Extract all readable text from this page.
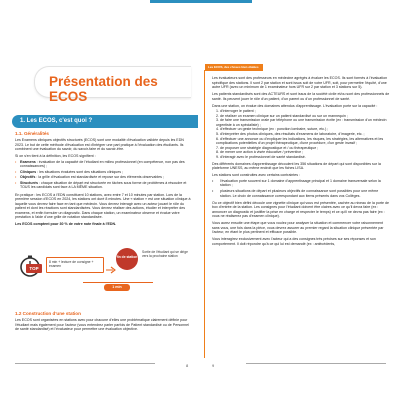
Présentation des ECOS
1. Les ECOS, c'est quoi ?
1.1. Généralités

Les Examens cliniques objectifs structurés (ECOS) sont une modalité d'évaluation validée depuis les EDN 2023. Le but de cette méthode d'évaluation est d'intégrer une part pratique à l'évaluation des étudiants. Ils combinent une évaluation du savoir, du savoir-faire et du savoir-être.

Si on s'en tient à la définition, les ECOS signifient :

• Examens : évaluation de la capacité de l'étudiant en milieu professionnel (en compétence, non pas des connaissances) ;
• Cliniques : les situations évaluées sont des situations cliniques ;
• Objectifs : la grille d'évaluation est standardisée et repose sur des éléments observables ;
• Structurés : chaque situation de départ est structurée en tâches sous forme de problèmes à résoudre et TOUS les candidats sont face à LA MÊME situation.

En pratique : les ECOS à l'EDN constituent 10 stations, avec entre 7 et 10 minutes par station. Lors de la première session d'ECOS en 2024, les stations ont duré 8 minutes. Une « station » est une situation clinique à laquelle vous devrez faire face en tant que médecin. Vous devrez interagir avec un acteur jouant le rôle du patient et dont les réactions sont standardisées. Vous devrez réaliser des actions, étudier et interpréter des examens, et enfin formuler un diagnostic. Dans chaque station, un examinateur observe et évalue votre prestation à l'aide d'une grille de notation standardisée.

Les ECOS comptent pour 30 % de votre note finale à l'EDN.

TOP
8 min + lecture de consigne + examen
fin de station
Sortie de l'étudiant qui se dirige vers la prochaine station
1 min
1.2 Construction d'une station

Les ECOS sont organisées en stations avec pour chacune d'elles une problématique clairement définie pour l'étudiant mais également pour l'acteur (vous entendrez parler parfois de Patient standardisé ou de Personnel de santé standardisé) et l'évaluateur pour permettre une évaluation objective.

8
Les ECOS, des choses bien étalées

Les évaluateurs sont des professeurs en médecine agrégés à évaluer les ECOS. Ils sont formés à l'évaluation spécifique des stations. Il sont 2 par station et sont issus soit de votre UFR, soit, pour permettre l'équité, d'une autre UFR (avec un minimum de 1 examinateur hors UFR sur 2 par station et 3 stations sur 5).

Les patients standardisés sont des ACTEURS et sont issus de la société civile et/ou sont des professionnels de santé. Ils peuvent jouer le rôle d'un patient, d'un parent ou d'un professionnel de santé.

Dans une station, on évalue des domaines attendus d'apprentissage. L'évaluation porte sur la capacité :

1. d'interroger le patient ;
2. de réaliser un examen clinique sur un patient standardisé ou sur un mannequin ;
3. de faire une transmission orale par téléphone ou une transmission écrite (ex : transmission d'un médecin urgentiste à un spécialiste) ;
4. d'effectuer un geste technique (ex : ponction lombaire, suture, etc.) ;
5. d'interpréter des photos cliniques, des résultats d'examens de laboratoire, d'imagerie, etc. ;
6. d'effectuer une annonce ou d'expliquer les indications, les risques, les stratégies, les alternatives et les complications potentielles d'un projet thérapeutique, d'une procédure, d'un geste invasif ;
7. de proposer une stratégie diagnostique et / ou thérapeutique ;
8. de mener une action à visée éducative / préventive ;
9. d'interagir avec le professionnel de santé standardisé.

Des différents domaines d'apprentissage découlent les 356 situations de départ qui sont disponibles sur la plateforme UNESS, au même endroit que les fiches LISA.

Les stations sont construites avec certains contraintes :

• l'évaluation porte souvent sur 1 domaine d'apprentissage principal et 1 domaine transversale selon la station ;
• plusieurs situations de départ et plusieurs objectifs de connaissance sont possibles pour une même station. Le choix de connaissance correspondant aux items présents dans vos Collèges.

Ou ce objectif bien défini découle une vignette clinique qui vous est présentée, cachée au niveau de la porte de box d'entrée de la station. Les consignes pour l'étudiant doivent être claires avec ce qu'il devra faire (ex : annoncer un diagnostic et justifier la prise en charge et respecter le temps) et ce qu'il ne devra pas faire (ex : vous ne réaliserez pas d'examen clinique).

Vous aurez ensuite une étape que vous voulez pour analyser la situation et commencer votre raisonnement sans vous, une fois dans la pièce, vous devrez assurer au premier regard la situation clinique présentée par l'acteur, en étant le plus pertinent et efficace possible.

Vous interagirez exclusivement avec l'acteur qui a des consignes très précises sur ses réponses et son comportement. Il doit répondre qu'à ce qui lui est demandé (ex : antécédents,

9
